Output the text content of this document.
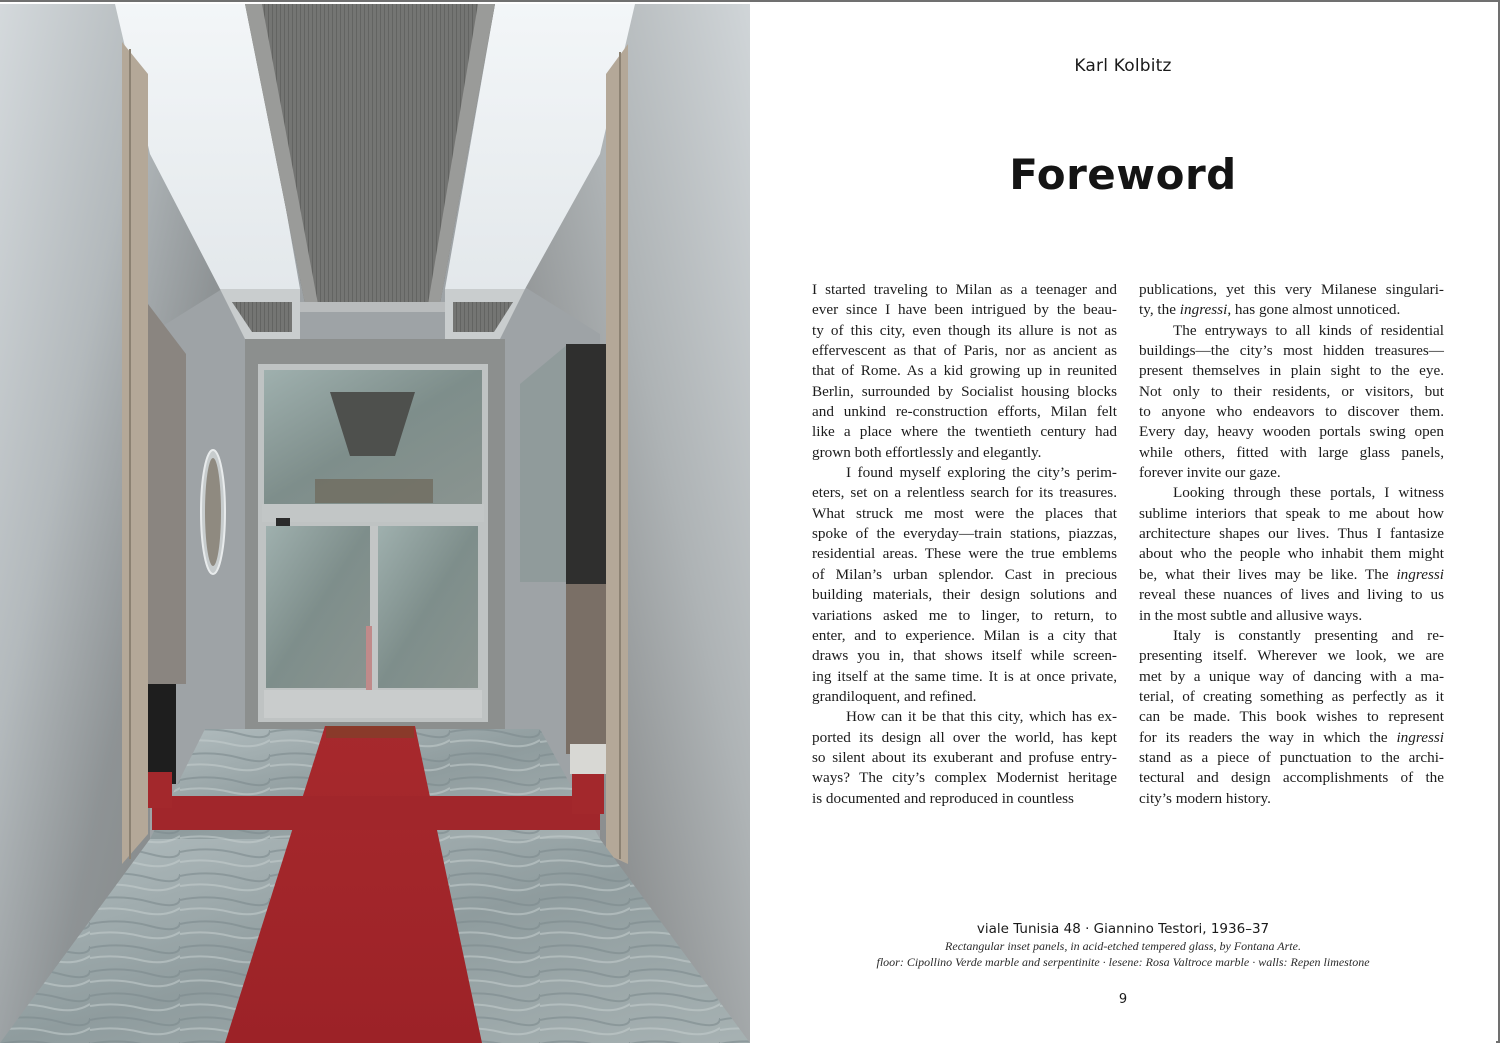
Karl Kolbitz
Foreword

I started traveling to Milan as a teenager and
ever since I have been intrigued by the beau-
ty of this city, even though its allure is not as
effervescent as that of Paris, nor as ancient as
that of Rome. As a kid growing up in reunited
Berlin, surrounded by Socialist housing blocks
and unkind re-construction efforts, Milan felt
like a place where the twentieth century had
grown both effortlessly and elegantly.

I found myself exploring the city’s perim-
eters, set on a relentless search for its treasures.
What struck me most were the places that
spoke of the everyday—train stations, piazzas,
residential areas. These were the true emblems
of Milan’s urban splendor. Cast in precious
building materials, their design solutions and
variations asked me to linger, to return, to
enter, and to experience. Milan is a city that
draws you in, that shows itself while screen-
ing itself at the same time. It is at once private,
grandiloquent, and refined.

How can it be that this city, which has ex-
ported its design all over the world, has kept
so silent about its exuberant and profuse entry-
ways? The city’s complex Modernist heritage
is documented and reproduced in countless

publications, yet this very Milanese singulari-
ty, the ingressi, has gone almost unnoticed.

The entryways to all kinds of residential
buildings—the city’s most hidden treasures—
present themselves in plain sight to the eye.
Not only to their residents, or visitors, but
to anyone who endeavors to discover them.
Every day, heavy wooden portals swing open
while others, fitted with large glass panels,
forever invite our gaze.

Looking through these portals, I witness
sublime interiors that speak to me about how
architecture shapes our lives. Thus I fantasize
about who the people who inhabit them might
be, what their lives may be like. The ingressi
reveal these nuances of lives and living to us
in the most subtle and allusive ways.

Italy is constantly presenting and re-
presenting itself. Wherever we look, we are
met by a unique way of dancing with a ma-
terial, of creating something as perfectly as it
can be made. This book wishes to represent
for its readers the way in which the ingressi
stand as a piece of punctuation to the archi-
tectural and design accomplishments of the
city’s modern history.

viale Tunisia 48 · Giannino Testori, 1936–37
Rectangular inset panels, in acid-etched tempered glass, by Fontana Arte.
floor: Cipollino Verde marble and serpentinite · lesene: Rosa Valtroce marble · walls: Repen limestone
9
